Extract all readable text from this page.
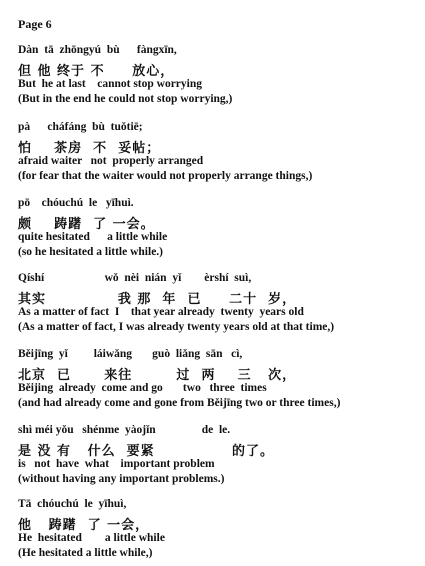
Page 6
Dàn  tā  zhōngyú  bù      fàngxīn,
但 他 终于 不     放心，
But  he at last    cannot stop worrying
(But in the end he could not stop worrying,)
pà      cháfáng  bù  tuǒtiē;
怕    茶房  不  妥帖；
afraid waiter   not  properly arranged
(for fear that the waiter would not properly arrange things,)
pō    chóuchú  le   yīhuì.
颇    踌躇  了 一会。
quite hesitated      a little while
(so he hesitated a little while.)
Qíshí                     wǒ  nèi  nián  yǐ        èrshí  suì,
其实             我 那  年  已     二十  岁，
As a matter of fact  I    that year already  twenty  years old
(As a matter of fact, I was already twenty years old at that time,)
Běijīng  yǐ         láiwǎng       guò  liǎng  sān   cì,
北京  已      来往        过  两    三   次，
Běijing  already  come and go       two   three  times
(and had already come and gone from Běijīng two or three times,)
shì méi yǒu   shénme  yàojǐn                de  le.
是 没 有   什么  要紧              的了。
is   not  have  what    important problem
(without having any important problems.)
Tā  chóuchú  le  yīhuì,
他   踌躇  了 一会，
He  hesitated        a little while
(He hesitated a little while,)
